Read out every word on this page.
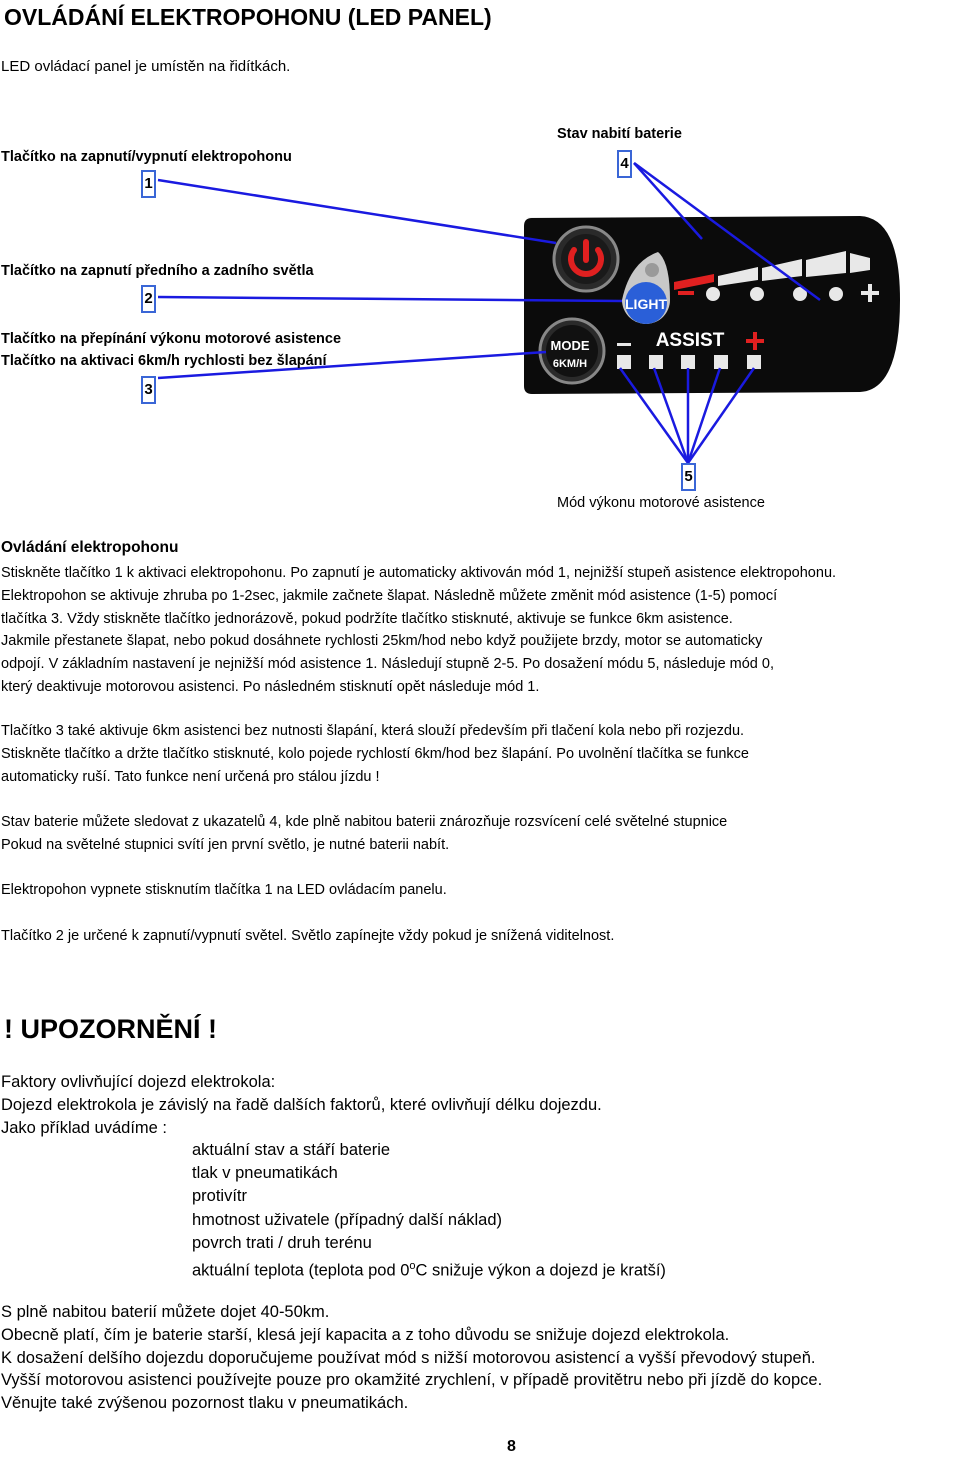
OVLÁDÁNÍ ELEKTROPOHONU (LED PANEL)
LED ovládací panel je umístěn na řidítkách.
LIGHT
MODE
6KM/H
ASSIST
Tlačítko na zapnutí/vypnutí elektropohonu
1
Tlačítko na zapnutí předního a zadního světla
2
Tlačítko na přepínání výkonu motorové asistence
Tlačítko na aktivaci 6km/h rychlosti bez šlapání
3
Stav nabití baterie
4
5
Mód výkonu motorové asistence
Ovládání elektropohonu
Stiskněte tlačítko 1 k aktivaci elektropohonu. Po zapnutí je automaticky aktivován mód 1, nejnižší stupeň asistence elektropohonu.
Elektropohon se aktivuje zhruba po 1-2sec, jakmile začnete šlapat. Následně můžete změnit mód asistence (1-5) pomocí
tlačítka 3. Vždy stiskněte tlačítko jednorázově, pokud podržíte tlačítko stisknuté, aktivuje se funkce 6km asistence.
Jakmile přestanete šlapat, nebo pokud dosáhnete rychlosti 25km/hod nebo když použijete brzdy, motor se automaticky
odpojí. V základním nastavení je nejnižší mód asistence 1. Následují stupně 2-5. Po dosažení módu 5, následuje mód 0,
který deaktivuje motorovou asistenci. Po následném stisknutí opět následuje mód 1.
Tlačítko 3 také aktivuje 6km asistenci bez nutnosti šlapání, která slouží především při tlačení kola nebo při rozjezdu.
Stiskněte tlačítko a držte tlačítko stisknuté, kolo pojede rychlostí 6km/hod bez šlapání. Po uvolnění tlačítka se funkce
automaticky ruší. Tato funkce není určená pro stálou jízdu !
Stav baterie můžete sledovat z ukazatelů 4, kde plně nabitou baterii znározňuje rozsvícení celé světelné stupnice
Pokud na světelné stupnici svítí jen první světlo, je nutné baterii nabít.
Elektropohon vypnete stisknutím tlačítka 1 na LED ovládacím panelu.
Tlačítko 2 je určené k zapnutí/vypnutí světel. Světlo zapínejte vždy pokud je snížená viditelnost.
! UPOZORNĚNÍ !
Faktory ovlivňující dojezd elektrokola:
Dojezd elektrokola je závislý na řadě dalších faktorů, které ovlivňují délku dojezdu.
Jako příklad uvádíme :
aktuální stav a stáří baterie
tlak v pneumatikách
protivítr
hmotnost uživatele (případný další náklad)
povrch trati / druh terénu
aktuální teplota (teplota pod 0$^o$C snižuje výkon a dojezd je kratší)
S plně nabitou baterií můžete dojet 40-50km.
Obecně platí, čím je baterie starší, klesá její kapacita a z toho důvodu se snižuje dojezd elektrokola.
K dosažení delšího dojezdu doporučujeme používat mód s nižší motorovou asistencí a vyšší převodový stupeň.
Vyšší motorovou asistenci používejte pouze pro okamžité zrychlení, v případě provitětru nebo při jízdě do kopce.
Věnujte také zvýšenou pozornost tlaku v pneumatikách.
8
